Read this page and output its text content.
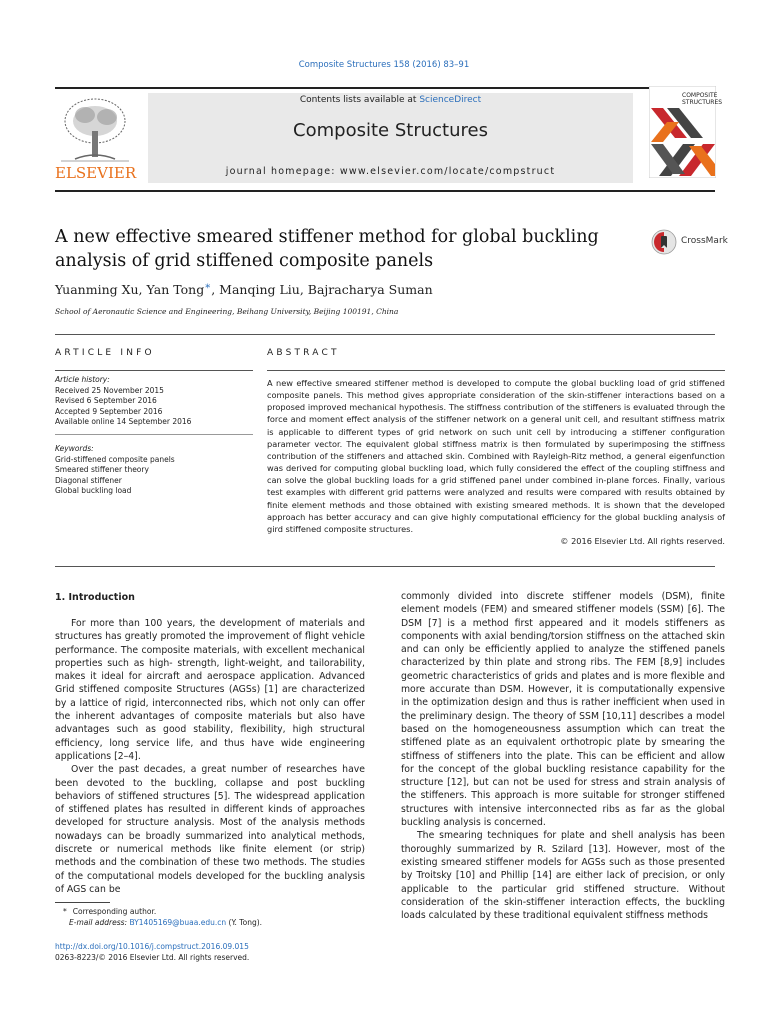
Composite Structures 158 (2016) 83–91
Contents lists available at ScienceDirect
Composite Structures
journal homepage: www.elsevier.com/locate/compstruct
ELSEVIER
COMPOSITE
STRUCTURES
A new effective smeared stiffener method for global buckling analysis of grid stiffened composite panels
CrossMark
Yuanming Xu, Yan Tong*, Manqing Liu, Bajracharya Suman
School of Aeronautic Science and Engineering, Beihang University, Beijing 100191, China
ARTICLE INFO	ABSTRACT
Article history:
Received 25 November 2015
Revised 6 September 2016
Accepted 9 September 2016
Available online 14 September 2016
Keywords:
Grid-stiffened composite panels
Smeared stiffener theory
Diagonal stiffener
Global buckling load
A new effective smeared stiffener method is developed to compute the global buckling load of grid stiffened composite panels. This method gives appropriate consideration of the skin-stiffener interactions based on a proposed improved mechanical hypothesis. The stiffness contribution of the stiffeners is evaluated through the force and moment effect analysis of the stiffener network on a general unit cell, and resultant stiffness matrix is applicable to different types of grid network on such unit cell by introducing a stiffener configuration parameter vector. The equivalent global stiffness matrix is then formulated by superimposing the stiffness contribution of the stiffeners and attached skin. Combined with Rayleigh-Ritz method, a general eigenfunction was derived for computing global buckling load, which fully considered the effect of the coupling stiffness and can solve the global buckling loads for a grid stiffened panel under combined in-plane forces. Finally, various test examples with different grid patterns were analyzed and results were compared with results obtained by finite element methods and those obtained with existing smeared methods. It is shown that the developed approach has better accuracy and can give highly computational efficiency for the global buckling analysis of gird stiffened composite structures.
© 2016 Elsevier Ltd. All rights reserved.
1. Introduction

For more than 100 years, the development of materials and structures has greatly promoted the improvement of flight vehicle performance. The composite materials, with excellent mechanical properties such as high- strength, light-weight, and tailorability, makes it ideal for aircraft and aerospace application. Advanced Grid stiffened composite Structures (AGSs) [1] are characterized by a lattice of rigid, interconnected ribs, which not only can offer the inherent advantages of composite materials but also have advantages such as good stability, flexibility, high structural efficiency, long service life, and thus have wide engineering applications [2–4].

Over the past decades, a great number of researches have been devoted to the buckling, collapse and post buckling behaviors of stiffened structures [5]. The widespread application of stiffened plates has resulted in different kinds of approaches developed for structure analysis. Most of the analysis methods nowadays can be broadly summarized into analytical methods, discrete or numerical methods like finite element (or strip) methods and the combination of these two methods. The studies of the computational models developed for the buckling analysis of AGS can be

commonly divided into discrete stiffener models (DSM), finite element models (FEM) and smeared stiffener models (SSM) [6]. The DSM [7] is a method first appeared and it models stiffeners as components with axial bending/torsion stiffness on the attached skin and can only be efficiently applied to analyze the stiffened panels characterized by thin plate and strong ribs. The FEM [8,9] includes geometric characteristics of grids and plates and is more flexible and more accurate than DSM. However, it is computationally expensive in the optimization design and thus is rather inefficient when used in the preliminary design. The theory of SSM [10,11] describes a model based on the homogeneousness assumption which can treat the stiffened plate as an equivalent orthotropic plate by smearing the stiffness of stiffeners into the plate. This can be efficient and allow for the concept of the global buckling resistance capability for the structure [12], but can not be used for stress and strain analysis of the stiffeners. This approach is more suitable for stronger stiffened structures with intensive interconnected ribs as far as the global buckling analysis is concerned.

The smearing techniques for plate and shell analysis has been thoroughly summarized by R. Szilard [13]. However, most of the existing smeared stiffener models for AGSs such as those presented by Troitsky [10] and Phillip [14] are either lack of precision, or only applicable to the particular grid stiffened structure. Without consideration of the skin-stiffener interaction effects, the buckling loads calculated by these traditional equivalent stiffness methods

* Corresponding author.
E-mail address: BY1405169@buaa.edu.cn (Y. Tong).
http://dx.doi.org/10.1016/j.compstruct.2016.09.015
0263-8223/© 2016 Elsevier Ltd. All rights reserved.
